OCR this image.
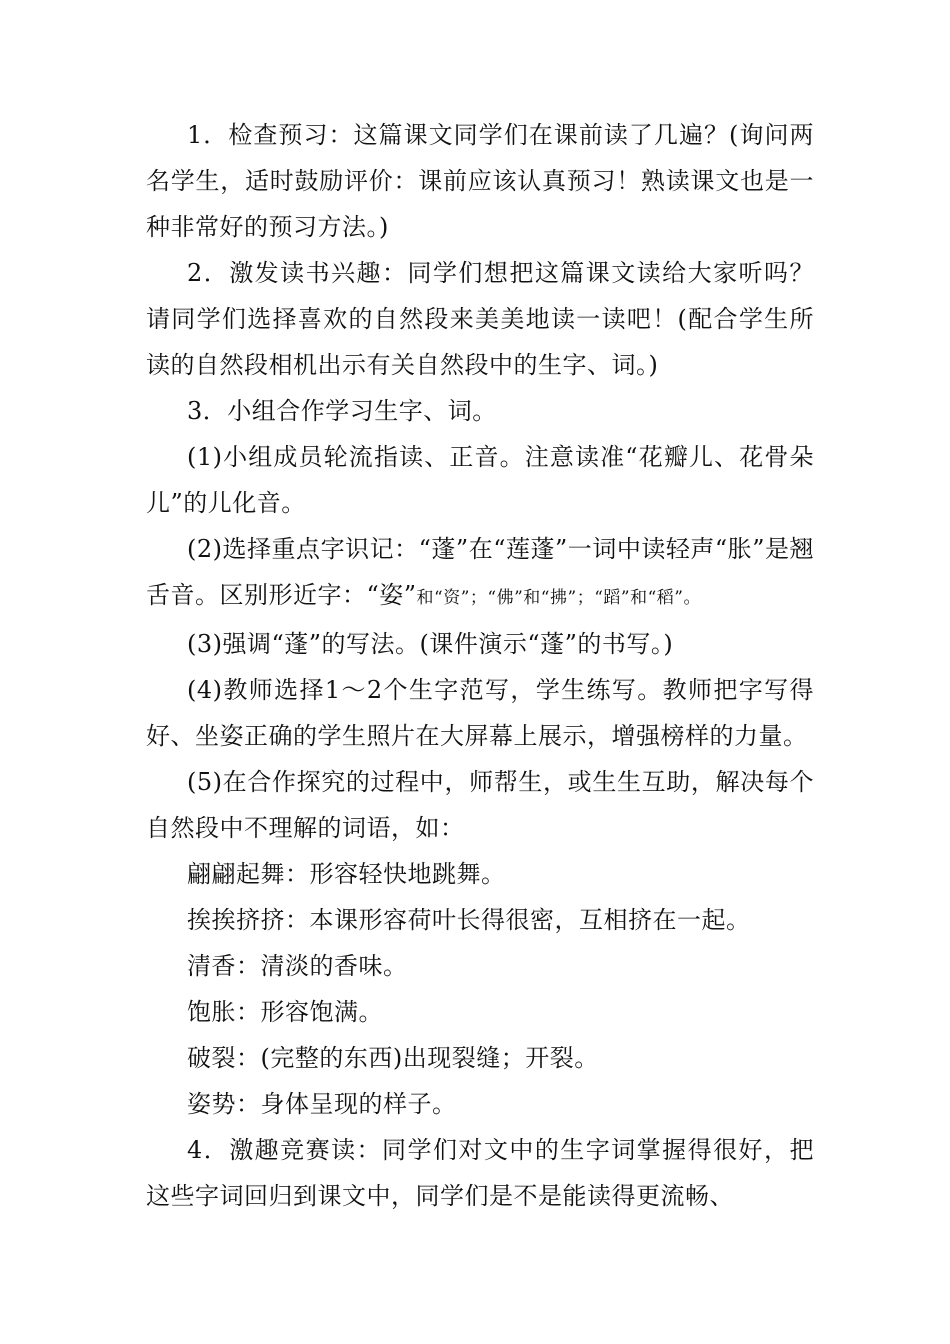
1．检查预习：这篇课文同学们在课前读了几遍？(询问两名学生，适时鼓励评价：课前应该认真预习！熟读课文也是一种非常好的预习方法。)

2．激发读书兴趣：同学们想把这篇课文读给大家听吗？请同学们选择喜欢的自然段来美美地读一读吧！(配合学生所读的自然段相机出示有关自然段中的生字、词。)

3．小组合作学习生字、词。

(1)小组成员轮流指读、正音。注意读准“花瓣儿、花骨朵儿”的儿化音。

(2)选择重点字识记：“蓬”在“莲蓬”一词中读轻声“胀”是翘舌音。区别形近字：“姿”和“资”；“佛”和“拂”；“蹈”和“稻”。

(3)强调“蓬”的写法。(课件演示“蓬”的书写。)

(4)教师选择1～2个生字范写，学生练写。教师把字写得好、坐姿正确的学生照片在大屏幕上展示，增强榜样的力量。

(5)在合作探究的过程中，师帮生，或生生互助，解决每个自然段中不理解的词语，如：

翩翩起舞：形容轻快地跳舞。

挨挨挤挤：本课形容荷叶长得很密，互相挤在一起。

清香：清淡的香味。

饱胀：形容饱满。

破裂：(完整的东西)出现裂缝；开裂。

姿势：身体呈现的样子。

4．激趣竞赛读：同学们对文中的生字词掌握得很好，把这些字词回归到课文中，同学们是不是能读得更流畅、
